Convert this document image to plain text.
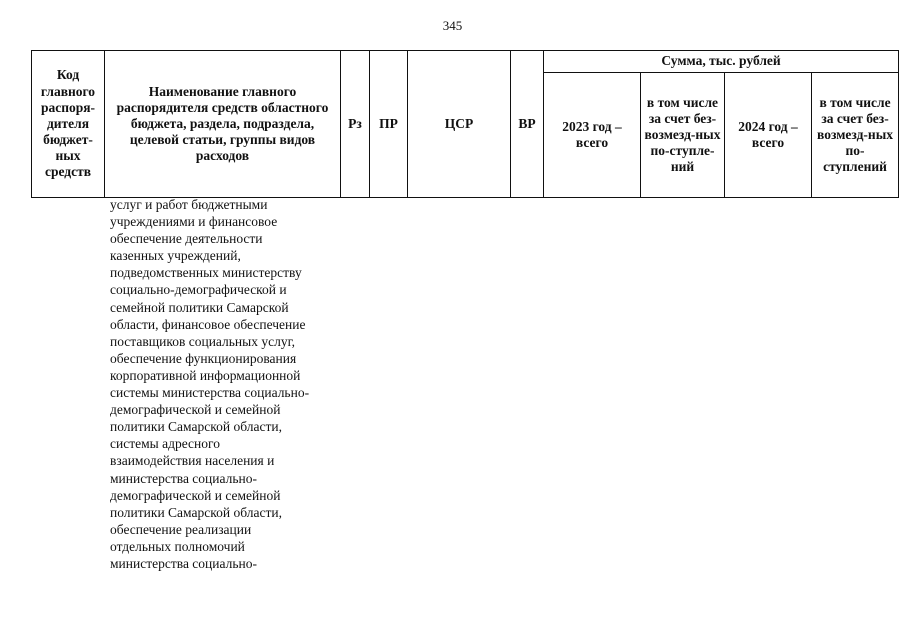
345
Код главного распоря-дителя бюджет-ных средств	Наименование главного распорядителя средств областного бюджета, раздела, подраздела, целевой статьи, группы видов расходов	Рз	ПР	ЦСР	ВР	Сумма, тыс. рублей			
						2023 год – всего	в том числе за счет без-возмезд-ных по-ступле-ний	2024 год – всего	в том числе за счет без-возмезд-ных по-ступлений
услуг и работ бюджетными
учреждениями и финансовое
обеспечение деятельности
казенных учреждений,
подведомственных министерству
социально-демографической и
семейной политики Самарской
области, финансовое обеспечение
поставщиков социальных услуг,
обеспечение функционирования
корпоративной информационной
системы министерства социально-
демографической и семейной
политики Самарской области,
системы адресного
взаимодействия населения и
министерства социально-
демографической и семейной
политики Самарской области,
обеспечение реализации
отдельных полномочий
министерства социально-
